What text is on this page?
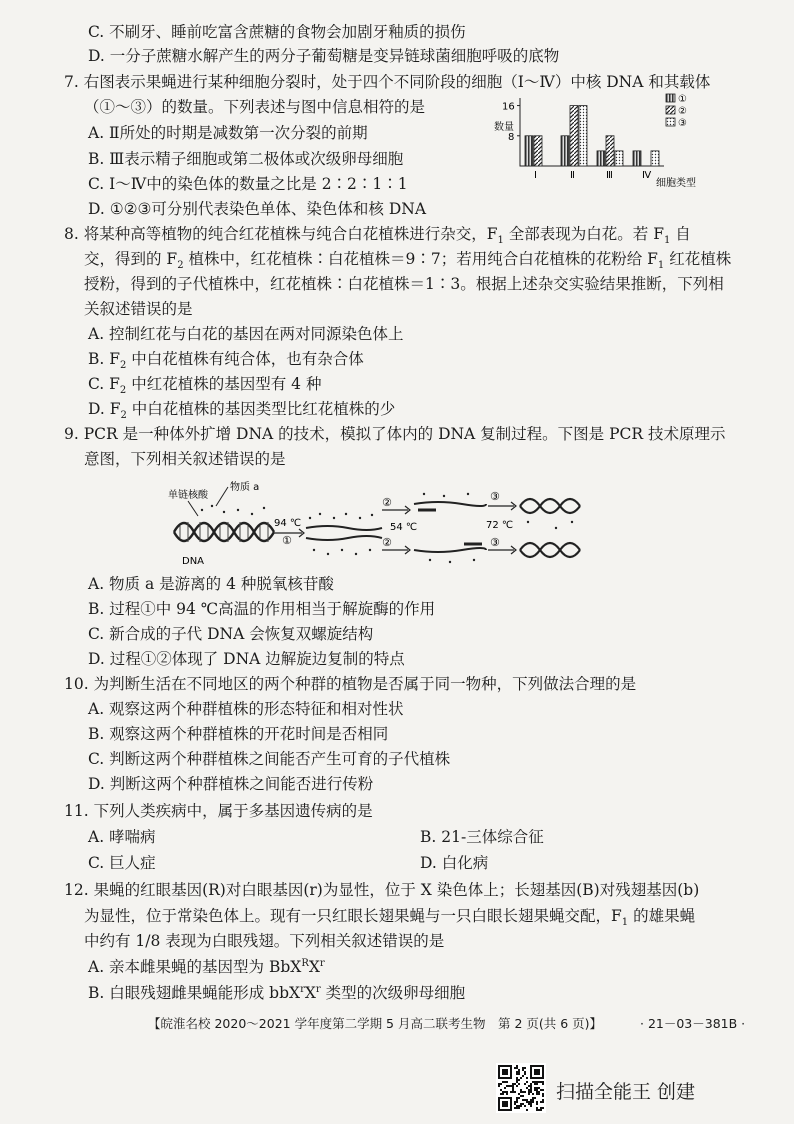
C. 不刷牙、睡前吃富含蔗糖的食物会加剧牙釉质的损伤
D. 一分子蔗糖水解产生的两分子葡萄糖是变异链球菌细胞呼吸的底物
7. 右图表示果蝇进行某种细胞分裂时，处于四个不同阶段的细胞（Ⅰ～Ⅳ）中核 DNA 和其载体
（①～③）的数量。下列表述与图中信息相符的是
A. Ⅱ所处的时期是减数第一次分裂的前期
B. Ⅲ表示精子细胞或第二极体或次级卵母细胞
C. Ⅰ～Ⅳ中的染色体的数量之比是 2∶2∶1∶1
D. ①②③可分别代表染色单体、染色体和核 DNA
数量
16
8
细胞类型
①
②
③
Ⅰ	Ⅱ	Ⅲ	Ⅳ
8. 将某种高等植物的纯合红花植株与纯合白花植株进行杂交，$F_1$ 全部表现为白花。若 $F_1$ 自
交，得到的 $F_2$ 植株中，红花植株∶白花植株＝9∶7；若用纯合白花植株的花粉给 $F_1$ 红花植株
授粉，得到的子代植株中，红花植株∶白花植株＝1∶3。根据上述杂交实验结果推断，下列相
关叙述错误的是
A. 控制红花与白花的基因在两对同源染色体上
B. $F_2$ 中白花植株有纯合体，也有杂合体
C. $F_2$ 中红花植株的基因型有 4 种
D. $F_2$ 中白花植株的基因类型比红花植株的少
9. PCR 是一种体外扩增 DNA 的技术，模拟了体内的 DNA 复制过程。下图是 PCR 技术原理示
意图，下列相关叙述错误的是
单链核酸
物质 a
DNA
94 ℃
①
54 ℃
②
②
③
72 ℃
③
A. 物质 a 是游离的 4 种脱氧核苷酸
B. 过程①中 94 ℃高温的作用相当于解旋酶的作用
C. 新合成的子代 DNA 会恢复双螺旋结构
D. 过程①②体现了 DNA 边解旋边复制的特点
10. 为判断生活在不同地区的两个种群的植物是否属于同一物种，下列做法合理的是
A. 观察这两个种群植株的形态特征和相对性状
B. 观察这两个种群植株的开花时间是否相同
C. 判断这两个种群植株之间能否产生可育的子代植株
D. 判断这两个种群植株之间能否进行传粉
11. 下列人类疾病中，属于多基因遗传病的是
A. 哮喘病	B. 21-三体综合征
C. 巨人症	D. 白化病
12. 果蝇的红眼基因(R)对白眼基因(r)为显性，位于 X 染色体上；长翅基因(B)对残翅基因(b)
为显性，位于常染色体上。现有一只红眼长翅果蝇与一只白眼长翅果蝇交配，$F_1$ 的雄果蝇
中约有 1/8 表现为白眼残翅。下列相关叙述错误的是
A. 亲本雌果蝇的基因型为 $BbX^RX^r$
B. 白眼残翅雌果蝇能形成 $bbX^rX^r$ 类型的次级卵母细胞
【皖淮名校 2020～2021 学年度第二学期 5 月高二联考生物　第 2 页(共 6 页)】	· 21－03－381B ·
扫描全能王 创建
